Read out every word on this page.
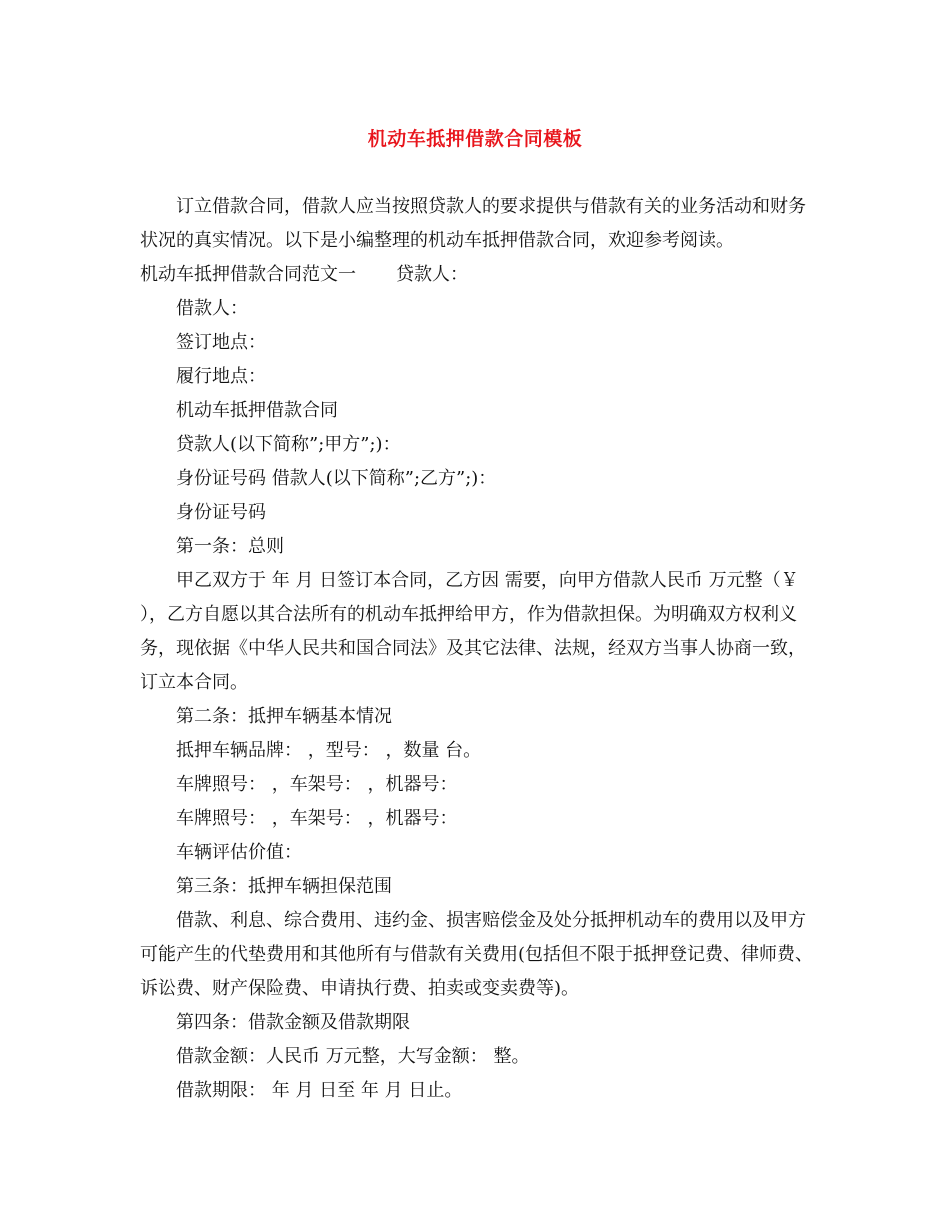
机动车抵押借款合同模板

订立借款合同，借款人应当按照贷款人的要求提供与借款有关的业务活动和财务状况的真实情况。以下是小编整理的机动车抵押借款合同，欢迎参考阅读。

机动车抵押借款合同范文一 贷款人：

借款人：

签订地点：

履行地点：

机动车抵押借款合同

贷款人(以下简称”;甲方”;)：

身份证号码 借款人(以下简称”;乙方”;)：

身份证号码

第一条：总则

甲乙双方于 年 月 日签订本合同，乙方因 需要，向甲方借款人民币 万元整（￥ ），乙方自愿以其合法所有的机动车抵押给甲方，作为借款担保。为明确双方权利义务，现依据《中华人民共和国合同法》及其它法律、法规，经双方当事人协商一致，订立本合同。

第二条：抵押车辆基本情况

抵押车辆品牌： ，型号： ，数量 台。

车牌照号： ，车架号： ，机器号：

车牌照号： ，车架号： ，机器号：

车辆评估价值：

第三条：抵押车辆担保范围

借款、利息、综合费用、违约金、损害赔偿金及处分抵押机动车的费用以及甲方可能产生的代垫费用和其他所有与借款有关费用(包括但不限于抵押登记费、律师费、诉讼费、财产保险费、申请执行费、拍卖或变卖费等)。

第四条：借款金额及借款期限

借款金额：人民币 万元整，大写金额： 整。

借款期限： 年 月 日至 年 月 日止。
